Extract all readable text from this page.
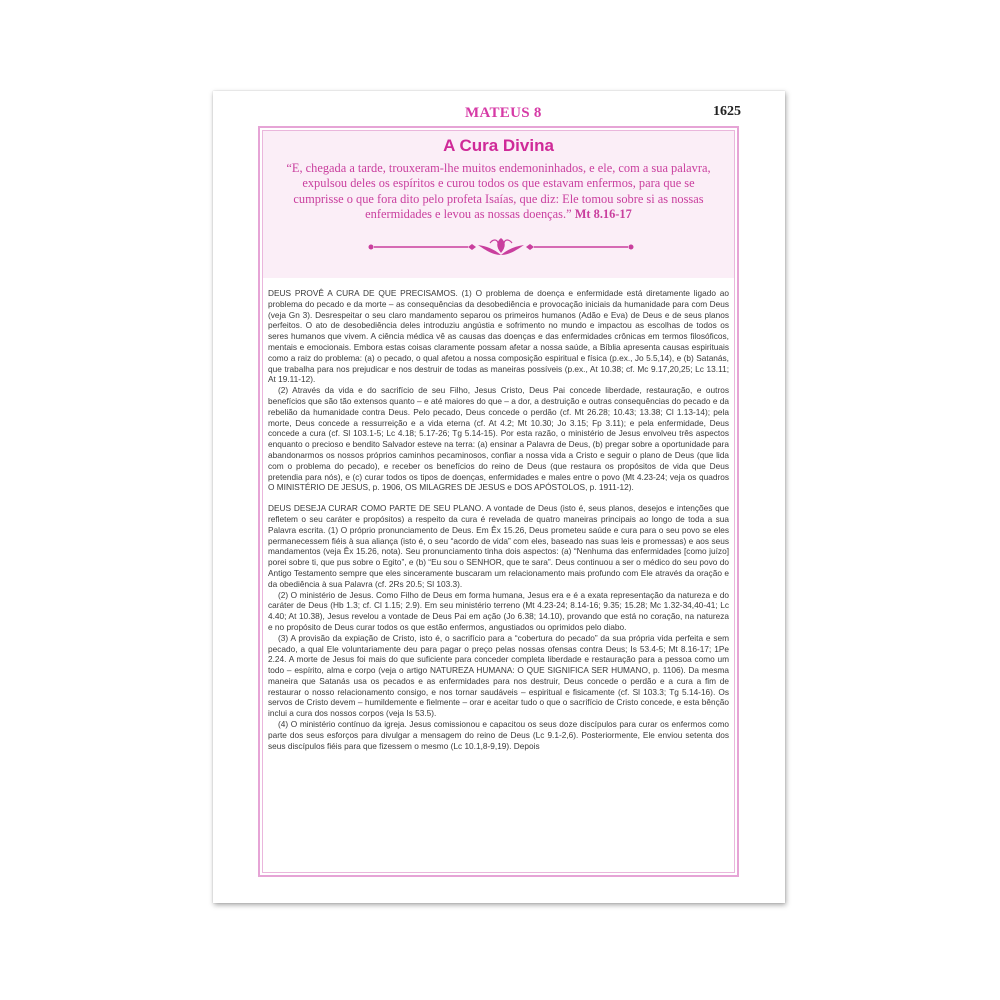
MATEUS 8	1625
A Cura Divina
“E, chegada a tarde, trouxeram-lhe muitos endemoninhados, e ele, com a sua palavra, expulsou deles os espíritos e curou todos os que estavam enfermos, para que se cumprisse o que fora dito pelo profeta Isaías, que diz: Ele tomou sobre si as nossas enfermidades e levou as nossas doenças.” Mt 8.16-17

DEUS PROVÊ A CURA DE QUE PRECISAMOS. (1) O problema de doença e enfermidade está diretamente ligado ao problema do pecado e da morte – as consequências da desobediência e provocação iniciais da humanidade para com Deus (veja Gn 3). Desrespeitar o seu claro mandamento separou os primeiros humanos (Adão e Eva) de Deus e de seus planos perfeitos. O ato de desobediência deles introduziu angústia e sofrimento no mundo e impactou as escolhas de todos os seres humanos que vivem. A ciência médica vê as causas das doenças e das enfermidades crônicas em termos filosóficos, mentais e emocionais. Embora estas coisas claramente possam afetar a nossa saúde, a Bíblia apresenta causas espirituais como a raiz do problema: (a) o pecado, o qual afetou a nossa composição espiritual e física (p.ex., Jo 5.5,14), e (b) Satanás, que trabalha para nos prejudicar e nos destruir de todas as maneiras possíveis (p.ex., At 10.38; cf. Mc 9.17,20,25; Lc 13.11; At 19.11-12).

(2) Através da vida e do sacrifício de seu Filho, Jesus Cristo, Deus Pai concede liberdade, restauração, e outros benefícios que são tão extensos quanto – e até maiores do que – a dor, a destruição e outras consequências do pecado e da rebelião da humanidade contra Deus. Pelo pecado, Deus concede o perdão (cf. Mt 26.28; 10.43; 13.38; Cl 1.13-14); pela morte, Deus concede a ressurreição e a vida eterna (cf. At 4.2; Mt 10.30; Jo 3.15; Fp 3.11); e pela enfermidade, Deus concede a cura (cf. Sl 103.1-5; Lc 4.18; 5.17-26; Tg 5.14-15). Por esta razão, o ministério de Jesus envolveu três aspectos enquanto o precioso e bendito Salvador esteve na terra: (a) ensinar a Palavra de Deus, (b) pregar sobre a oportunidade para abandonarmos os nossos próprios caminhos pecaminosos, confiar a nossa vida a Cristo e seguir o plano de Deus (que lida com o problema do pecado), e receber os benefícios do reino de Deus (que restaura os propósitos de vida que Deus pretendia para nós), e (c) curar todos os tipos de doenças, enfermidades e males entre o povo (Mt 4.23-24; veja os quadros O MINISTÉRIO DE JESUS, p. 1906, OS MILAGRES DE JESUS e DOS APÓSTOLOS, p. 1911-12).

DEUS DESEJA CURAR COMO PARTE DE SEU PLANO. A vontade de Deus (isto é, seus planos, desejos e intenções que refletem o seu caráter e propósitos) a respeito da cura é revelada de quatro maneiras principais ao longo de toda a sua Palavra escrita. (1) O próprio pronunciamento de Deus. Em Êx 15.26, Deus prometeu saúde e cura para o seu povo se eles permanecessem fiéis à sua aliança (isto é, o seu “acordo de vida” com eles, baseado nas suas leis e promessas) e aos seus mandamentos (veja Êx 15.26, nota). Seu pronunciamento tinha dois aspectos: (a) “Nenhuma das enfermidades [como juízo] porei sobre ti, que pus sobre o Egito”, e (b) “Eu sou o SENHOR, que te sara”. Deus continuou a ser o médico do seu povo do Antigo Testamento sempre que eles sinceramente buscaram um relacionamento mais profundo com Ele através da oração e da obediência à sua Palavra (cf. 2Rs 20.5; Sl 103.3).

(2) O ministério de Jesus. Como Filho de Deus em forma humana, Jesus era e é a exata representação da natureza e do caráter de Deus (Hb 1.3; cf. Cl 1.15; 2.9). Em seu ministério terreno (Mt 4.23-24; 8.14-16; 9.35; 15.28; Mc 1.32-34,40-41; Lc 4.40; At 10.38), Jesus revelou a vontade de Deus Pai em ação (Jo 6.38; 14.10), provando que está no coração, na natureza e no propósito de Deus curar todos os que estão enfermos, angustiados ou oprimidos pelo diabo.

(3) A provisão da expiação de Cristo, isto é, o sacrifício para a “cobertura do pecado” da sua própria vida perfeita e sem pecado, a qual Ele voluntariamente deu para pagar o preço pelas nossas ofensas contra Deus; Is 53.4-5; Mt 8.16-17; 1Pe 2.24. A morte de Jesus foi mais do que suficiente para conceder completa liberdade e restauração para a pessoa como um todo – espírito, alma e corpo (veja o artigo NATUREZA HUMANA: O QUE SIGNIFICA SER HUMANO, p. 1106). Da mesma maneira que Satanás usa os pecados e as enfermidades para nos destruir, Deus concede o perdão e a cura a fim de restaurar o nosso relacionamento consigo, e nos tornar saudáveis – espiritual e fisicamente (cf. Sl 103.3; Tg 5.14-16). Os servos de Cristo devem – humildemente e fielmente – orar e aceitar tudo o que o sacrifício de Cristo concede, e esta bênção inclui a cura dos nossos corpos (veja Is 53.5).

(4) O ministério contínuo da igreja. Jesus comissionou e capacitou os seus doze discípulos para curar os enfermos como parte dos seus esforços para divulgar a mensagem do reino de Deus (Lc 9.1-2,6). Posteriormente, Ele enviou setenta dos seus discípulos fiéis para que fizessem o mesmo (Lc 10.1,8-9,19). Depois
